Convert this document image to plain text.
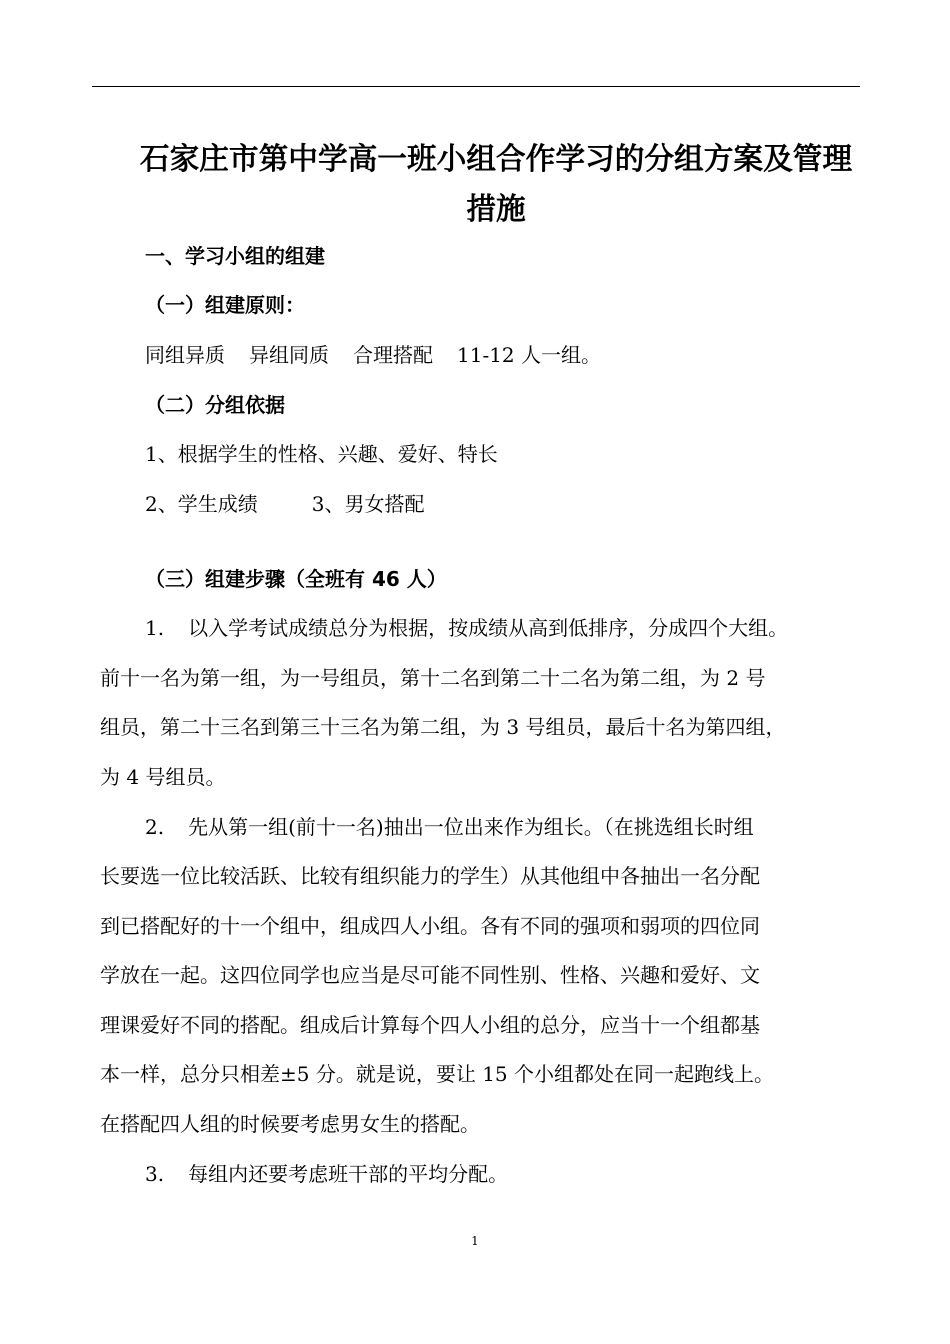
石家庄市第中学高一班小组合作学习的分组方案及管理
措施
一、学习小组的组建
（一）组建原则：
同组异质 异组同质 合理搭配 11-12 人一组。
（二）分组依据
1、根据学生的性格、兴趣、爱好、特长
2、学生成绩	3、男女搭配
（三）组建步骤（全班有 46 人）
1. 以入学考试成绩总分为根据，按成绩从高到低排序，分成四个大组。
前十一名为第一组，为一号组员，第十二名到第二十二名为第二组，为 2 号
组员，第二十三名到第三十三名为第二组，为 3 号组员，最后十名为第四组，
为 4 号组员。
2. 先从第一组(前十一名)抽出一位出来作为组长。（在挑选组长时组
长要选一位比较活跃、比较有组织能力的学生）从其他组中各抽出一名分配
到已搭配好的十一个组中，组成四人小组。各有不同的强项和弱项的四位同
学放在一起。这四位同学也应当是尽可能不同性别、性格、兴趣和爱好、文
理课爱好不同的搭配。组成后计算每个四人小组的总分，应当十一个组都基
本一样，总分只相差±5 分。就是说，要让 15 个小组都处在同一起跑线上。
在搭配四人组的时候要考虑男女生的搭配。
3. 每组内还要考虑班干部的平均分配。
1
